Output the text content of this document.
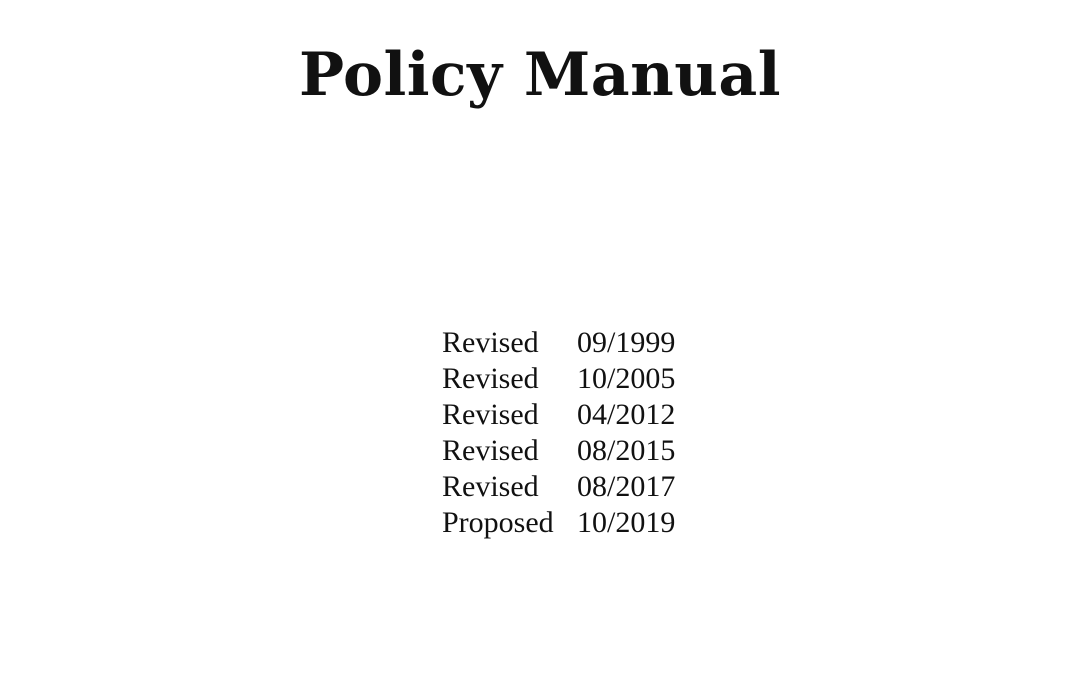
Policy Manual
Revised	09/1999
Revised	10/2005
Revised	04/2012
Revised	08/2015
Revised	08/2017
Proposed 10/2019
